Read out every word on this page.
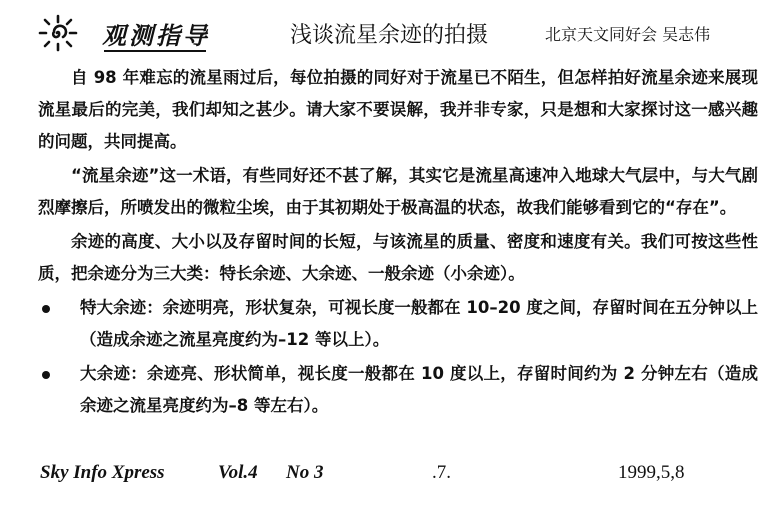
观测指导	浅谈流星余迹的拍摄	北京天文同好会 吴志伟

自 98 年难忘的流星雨过后，每位拍摄的同好对于流星已不陌生，但怎样拍好流星余迹来展现流星最后的完美，我们却知之甚少。请大家不要误解，我并非专家，只是想和大家探讨这一感兴趣的问题，共同提高。

“流星余迹”这一术语，有些同好还不甚了解，其实它是流星高速冲入地球大气层中，与大气剧烈摩擦后，所喷发出的微粒尘埃，由于其初期处于极高温的状态，故我们能够看到它的“存在”。

余迹的高度、大小以及存留时间的长短，与该流星的质量、密度和速度有关。我们可按这些性质，把余迹分为三大类：特长余迹、大余迹、一般余迹（小余迹）。

特大余迹：余迹明亮，形状复杂，可视长度一般都在 10–20 度之间，存留时间在五分钟以上（造成余迹之流星亮度约为–12 等以上）。

大余迹：余迹亮、形状简单，视长度一般都在 10 度以上，存留时间约为 2 分钟左右（造成余迹之流星亮度约为–8 等左右）。

Sky Info Xpress	Vol.4 No 3	.7.	1999,5,8
